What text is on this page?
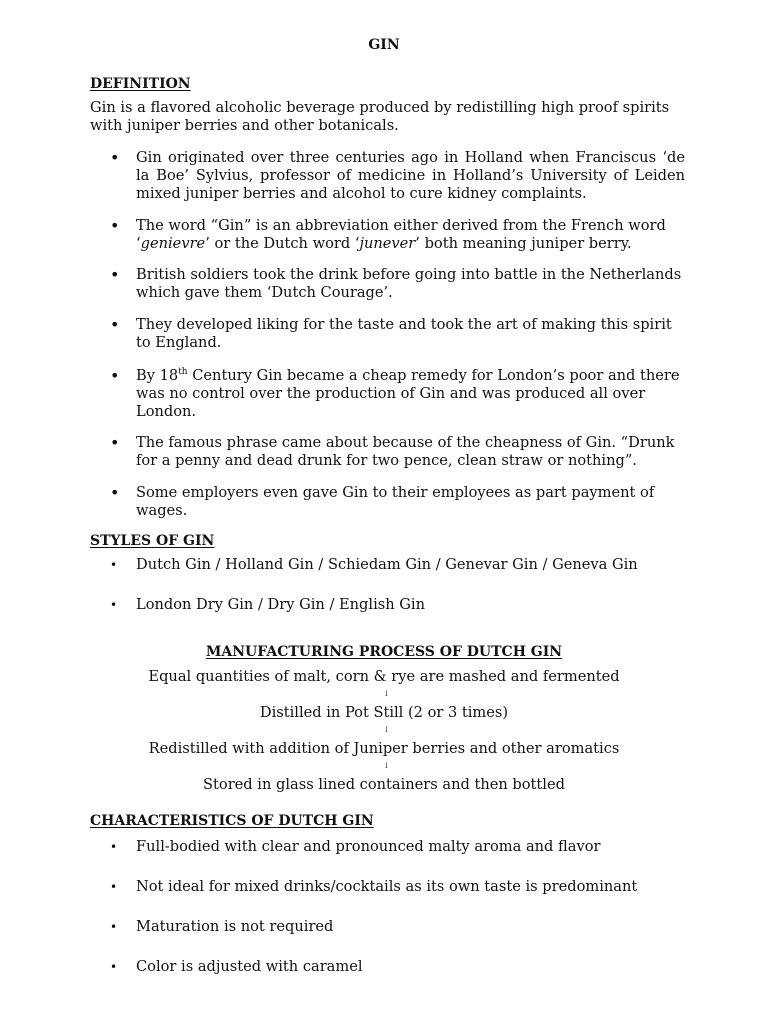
GIN
DEFINITION
Gin is a flavored alcoholic beverage produced by redistilling high proof spirits with juniper berries and other botanicals.
• Gin originated over three centuries ago in Holland when Franciscus ‘de la Boe’ Sylvius, professor of medicine in Holland’s University of Leiden mixed juniper berries and alcohol to cure kidney complaints.
• The word “Gin” is an abbreviation either derived from the French word ‘genievre’ or the Dutch word ‘junever’ both meaning juniper berry.
• British soldiers took the drink before going into battle in the Netherlands which gave them ‘Dutch Courage’.
• They developed liking for the taste and took the art of making this spirit to England.
• By 18th Century Gin became a cheap remedy for London’s poor and there was no control over the production of Gin and was produced all over London.
• The famous phrase came about because of the cheapness of Gin. “Drunk for a penny and dead drunk for two pence, clean straw or nothing”.
• Some employers even gave Gin to their employees as part payment of wages.
STYLES OF GIN
• Dutch Gin / Holland Gin / Schiedam Gin / Genevar Gin / Geneva Gin
• London Dry Gin / Dry Gin / English Gin
MANUFACTURING PROCESS OF DUTCH GIN
Equal quantities of malt, corn & rye are mashed and fermented
↓
Distilled in Pot Still (2 or 3 times)
↓
Redistilled with addition of Juniper berries and other aromatics
↓
Stored in glass lined containers and then bottled
CHARACTERISTICS OF DUTCH GIN
• Full-bodied with clear and pronounced malty aroma and flavor
• Not ideal for mixed drinks/cocktails as its own taste is predominant
• Maturation is not required
• Color is adjusted with caramel
